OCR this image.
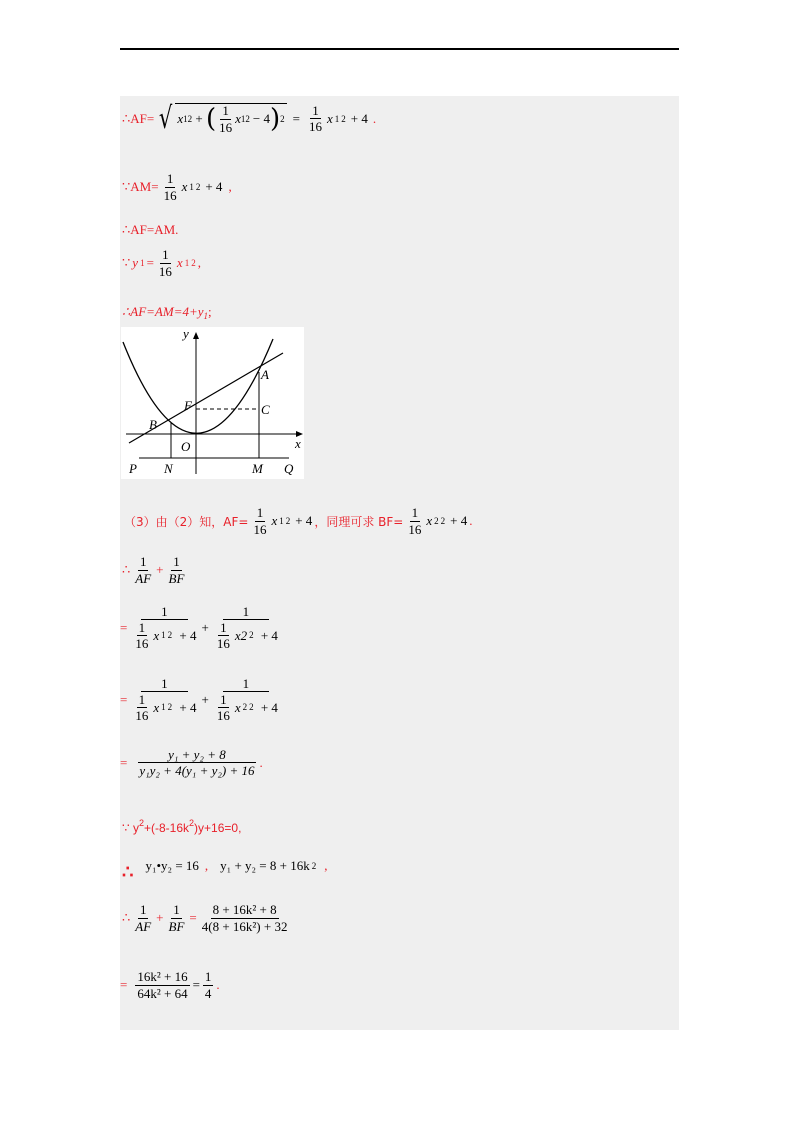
∴AF= √ x 1 2 + ( $\frac{1}{16}$ x 1 2 − 4 ) $2 = \frac{1}{16}$ x 1 2 + 4 .
∵AM= $\frac{1}{16}$ x 1 2 + 4 ,
∴AF=AM.
∵ y $1 = \frac{1}{16}$ x 1 2 ,
$\therefore AF=AM=4+y_1$;
y
x
A
B
C
F
O
N	M
P	Q
（3）由（2）知，$AF= \frac{1}{16}$ x 1 2 + 4 ，同理可求 $BF= \frac{1}{16}$ x 2 2 + 4 .
∴ $\frac{1}{AF} + \frac{1}{BF}$
= 1
$\frac{1}{16}$ x 1 2
+ 4 + 1
$\frac{1}{16} x2$ 2
+ 4
= 1
$\frac{1}{16}$ x 1 2
+ 4 + 1
$\frac{1}{16}$ x 2 2
+ 4
= $\frac{\text{y₁ + y₂ + 8}}{\text{y₁y₂ + 4(y₁ + y₂) + 16}}$ .
∵ $y^2+(-8-16k^2)y+16=0$,
∴ y₁•y₂ = 16 , y₁ + y₂ = 8 + 16k 2 ,
∴ $\frac{1}{AF} + \frac{1}{BF} = \frac{\text{8 + 16k² + 8}}{\text{4(8 + 16k²) + 32}}$
= $\frac{\text{16k² + 16}}{\text{64k² + 64}} = \frac{1}{4}$ .
